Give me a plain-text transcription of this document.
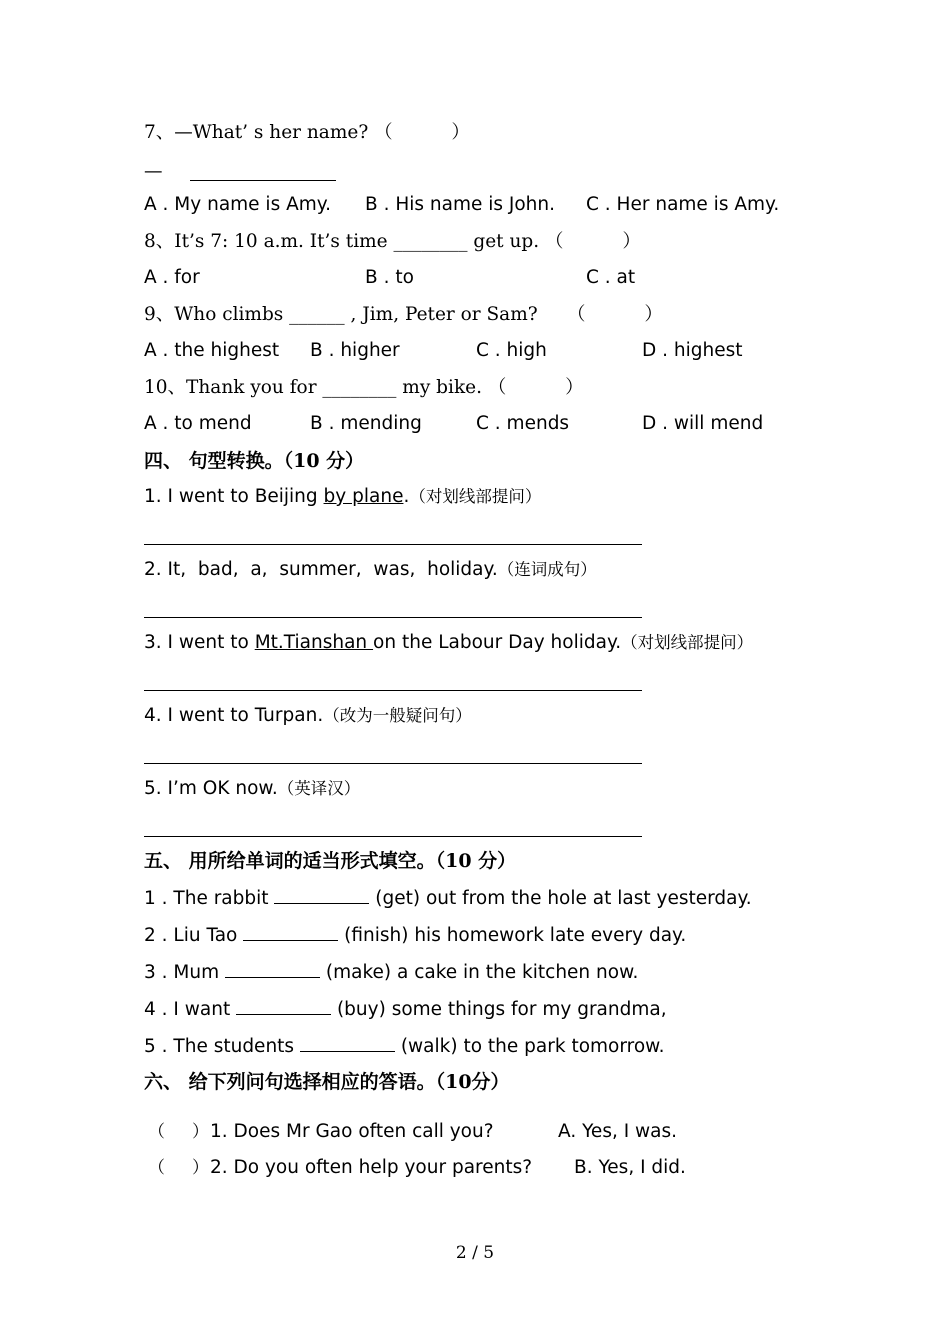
7、—What’ s her name? （          ）
—
A . My name is Amy. B . His name is John. C . Her name is Amy.
8、It’s 7: 10 a.m. It’s time ________ get up. （          ）
A . for	B . to	C . at
9、Who climbs ______ , Jim, Peter or Sam?     （          ）
A . the highest B . higher	C . high	D . highest
10、Thank you for ________ my bike. （          ）
A . to mend	B . mending	C . mends	D . will mend
四、 句型转换。（10 分）
1. I went to Beijing by plane.（对划线部提问）
2. It,  bad,  a,  summer,  was,  holiday.（连词成句）
3. I went to Mt.Tianshan on the Labour Day holiday.（对划线部提问）
4. I went to Turpan.（改为一般疑问句）
5. I’m OK now.（英译汉）
五、 用所给单词的适当形式填空。（10 分）
1 . The rabbit	(get) out from the hole at last yesterday.
2 . Liu Tao	(finish) his homework late every day.
3 . Mum	(make) a cake in the kitchen now.
4 . I want	(buy) some things for my grandma,
5 . The students	(walk) to the park tomorrow.
六、 给下列问句选择相应的答语。（10分）
（     ） 1. Does Mr Gao often call you?	A. Yes, I was.
（     ） 2. Do you often help your parents? B. Yes, I did.
2 / 5
